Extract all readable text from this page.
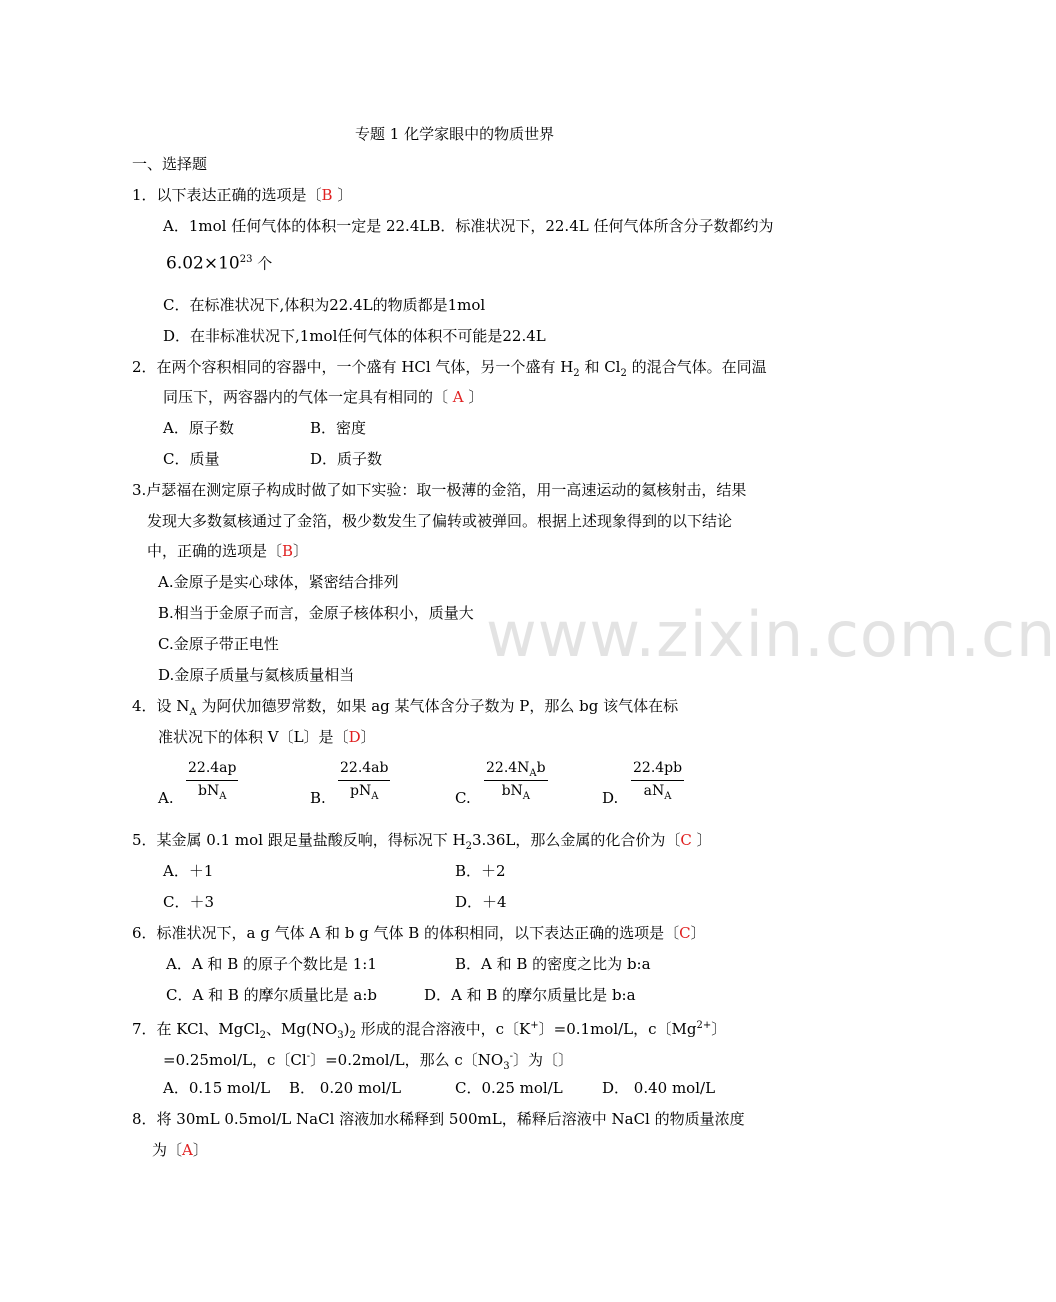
www.zixin.com.cn
专题 1 化学家眼中的物质世界
一、选择题
1．以下表达正确的选项是〔B 〕
A．1mol 任何气体的体积一定是 22.4LB．标准状况下，22.4L 任何气体所含分子数都约为
$6.02\times 10^{23}$ 个
C．在标准状况下,体积为22.4L的物质都是1mol
D．在非标准状况下,1mol任何气体的体积不可能是22.4L
2．在两个容积相同的容器中，一个盛有 HCl 气体，另一个盛有 $H_2$ 和 $Cl_2$ 的混合气体。在同温
同压下，两容器内的气体一定具有相同的〔 A 〕
A．原子数	B．密度
C．质量	D．质子数
3.卢瑟福在测定原子构成时做了如下实验：取一极薄的金箔，用一高速运动的氦核射击，结果
发现大多数氦核通过了金箔，极少数发生了偏转或被弹回。根据上述现象得到的以下结论
中，正确的选项是〔B〕
A.金原子是实心球体，紧密结合排列
B.相当于金原子而言，金原子核体积小，质量大
C.金原子带正电性
D.金原子质量与氦核质量相当
4．设 $N_A$ 为阿伏加德罗常数，如果 ag 某气体含分子数为 P，那么 bg 该气体在标
准状况下的体积 V〔L〕是〔D〕
A.
22.4ap
$bN_A$	B.
22.4ab
$pN_A$	C.
$22.4N_Ab$
$bN_A$	D.
22.4pb
$aN_A$
5．某金属 0.1 mol 跟足量盐酸反响，得标况下 $H_23.36L$，那么金属的化合价为〔C 〕
A．＋1	B．＋2
C．＋3	D．＋4
6．标准状况下，a g 气体 A 和 b g 气体 B 的体积相同，以下表达正确的选项是〔C〕
A．A 和 B 的原子个数比是 1:1	B．A 和 B 的密度之比为 b:a
C．A 和 B 的摩尔质量比是 a:b	D．A 和 B 的摩尔质量比是 b:a
7．在 KCl、MgCl$_2$、$Mg(NO_3)_2$ 形成的混合溶液中，c〔K+〕=0.1mol/L，c〔$Mg^{2+}$〕
=0.25mol/L，c〔Cl-〕=0.2mol/L，那么 c〔$NO_3^-$〕为〔〕
A．0.15 mol/L B． 0.20 mol/L	C．0.25 mol/L	D． 0.40 mol/L
8．将 30mL 0.5mol/L NaCl 溶液加水稀释到 500mL，稀释后溶液中 NaCl 的物质量浓度
为〔A〕
